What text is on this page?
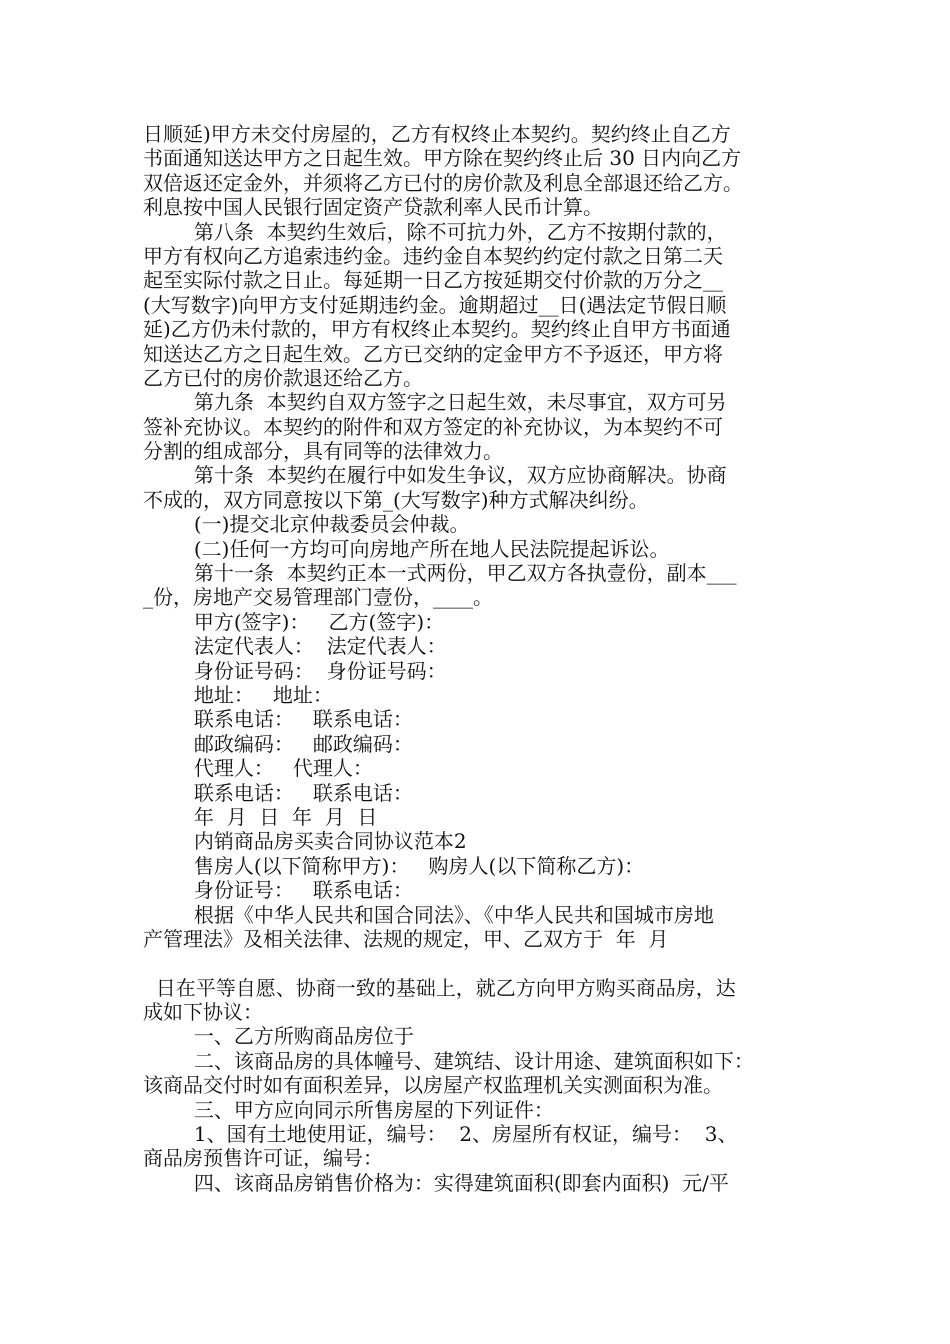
日顺延)甲方未交付房屋的，乙方有权终止本契约。契约终止自乙方
书面通知送达甲方之日起生效。甲方除在契约终止后 30 日内向乙方
双倍返还定金外，并须将乙方已付的房价款及利息全部退还给乙方。
利息按中国人民银行固定资产贷款利率人民币计算。
第八条  本契约生效后，除不可抗力外，乙方不按期付款的，
甲方有权向乙方追索违约金。违约金自本契约约定付款之日第二天
起至实际付款之日止。每延期一日乙方按延期交付价款的万分之__
(大写数字)向甲方支付延期违约金。逾期超过__日(遇法定节假日顺
延)乙方仍未付款的，甲方有权终止本契约。契约终止自甲方书面通
知送达乙方之日起生效。乙方已交纳的定金甲方不予返还，甲方将
乙方已付的房价款退还给乙方。
第九条  本契约自双方签字之日起生效，未尽事宜，双方可另
签补充协议。本契约的附件和双方签定的补充协议，为本契约不可
分割的组成部分，具有同等的法律效力。
第十条  本契约在履行中如发生争议，双方应协商解决。协商
不成的，双方同意按以下第_(大写数字)种方式解决纠纷。
(一)提交北京仲裁委员会仲裁。
(二)任何一方均可向房地产所在地人民法院提起诉讼。
第十一条  本契约正本一式两份，甲乙双方各执壹份，副本___
_份，房地产交易管理部门壹份，____。
甲方(签字)：   乙方(签字)：
法定代表人：  法定代表人：
身份证号码：  身份证号码：
地址：   地址：
联系电话：   联系电话：
邮政编码：   邮政编码：
代理人：   代理人：
联系电话：   联系电话：
年  月  日  年  月  日
内销商品房买卖合同协议范本2
售房人(以下简称甲方)：   购房人(以下简称乙方)：
身份证号：   联系电话：
根据《中华人民共和国合同法》、《中华人民共和国城市房地
产管理法》及相关法律、法规的规定，甲、乙双方于  年  月
日在平等自愿、协商一致的基础上，就乙方向甲方购买商品房，达
成如下协议：
一、乙方所购商品房位于
二、该商品房的具体幢号、建筑结、设计用途、建筑面积如下：
该商品交付时如有面积差异，以房屋产权监理机关实测面积为准。
三、甲方应向同示所售房屋的下列证件：
1、国有土地使用证，编号：  2、房屋所有权证，编号：  3、
商品房预售许可证，编号：
四、该商品房销售价格为：实得建筑面积(即套内面积)  元/平
